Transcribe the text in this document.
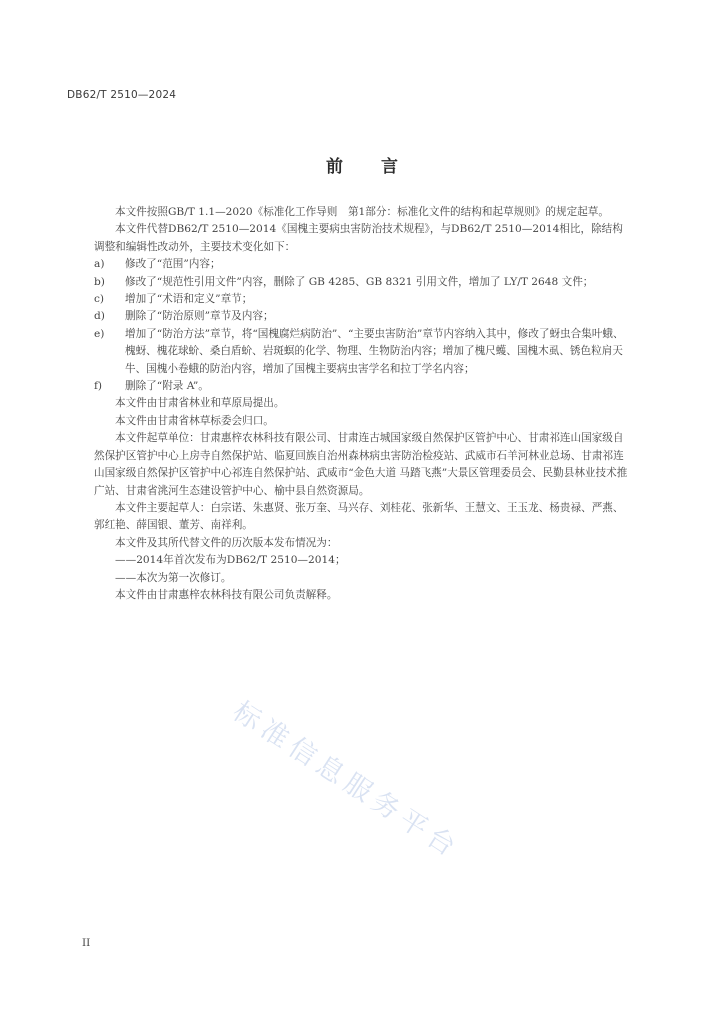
DB62/T 2510—2024
前 言

本文件按照GB/T 1.1—2020《标准化工作导则　第1部分：标准化文件的结构和起草规则》的规定起草。

本文件代替DB62/T 2510—2014《国槐主要病虫害防治技术规程》，与DB62/T 2510—2014相比，除结构调整和编辑性改动外，主要技术变化如下：

a)	修改了“范围”内容；
b)	修改了“规范性引用文件”内容，删除了 GB 4285、GB 8321 引用文件，增加了 LY/T 2648 文件；
c)	增加了“术语和定义”章节；
d)	删除了“防治原则”章节及内容；
e)	增加了“防治方法”章节，将“国槐腐烂病防治”、“主要虫害防治”章节内容纳入其中，修改了蚜虫合集叶蛾、槐蚜、槐花球蚧、桑白盾蚧、岩斑螟的化学、物理、生物防治内容；增加了槐尺蠖、国槐木虱、锈色粒肩天牛、国槐小卷蛾的防治内容，增加了国槐主要病虫害学名和拉丁学名内容；
f)	删除了“附录 A”。

本文件由甘肃省林业和草原局提出。

本文件由甘肃省林草标委会归口。

本文件起草单位：甘肃惠梓农林科技有限公司、甘肃连古城国家级自然保护区管护中心、甘肃祁连山国家级自然保护区管护中心上房寺自然保护站、临夏回族自治州森林病虫害防治检疫站、武威市石羊河林业总场、甘肃祁连山国家级自然保护区管护中心祁连自然保护站、武威市“金色大道 马踏飞燕”大景区管理委员会、民勤县林业技术推广站、甘肃省洮河生态建设管护中心、榆中县自然资源局。

本文件主要起草人：白宗诺、朱惠贤、张万奎、马兴存、刘桂花、张新华、王慧文、王玉龙、杨贵禄、严燕、郭红艳、薛国银、董芳、南祥利。

本文件及其所代替文件的历次版本发布情况为：

——2014年首次发布为DB62/T 2510—2014；

——本次为第一次修订。

本文件由甘肃惠梓农林科技有限公司负责解释。

标准信息服务平台
II
